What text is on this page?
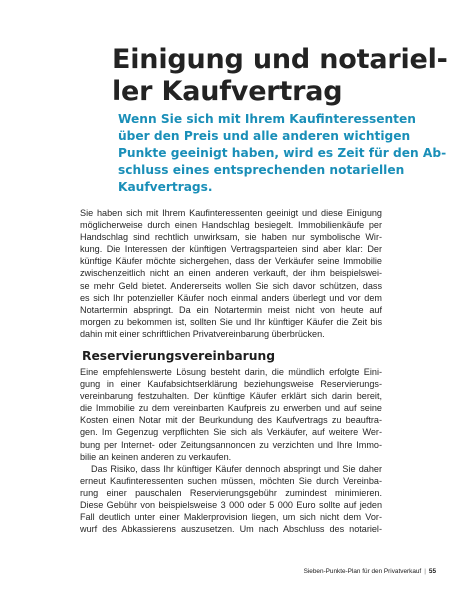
Einigung und notariel-
ler Kaufvertrag
Wenn Sie sich mit Ihrem Kaufinteressenten
über den Preis und alle anderen wichtigen
Punkte geeinigt haben, wird es Zeit für den Ab-
schluss eines entsprechenden notariellen
Kaufvertrags.
Sie haben sich mit Ihrem Kaufinteressenten geeinigt und diese Einigung
möglicherweise durch einen Handschlag besiegelt. Immobilienkäufe per
Handschlag sind rechtlich unwirksam, sie haben nur symbolische Wir-
kung. Die Interessen der künftigen Vertragsparteien sind aber klar: Der
künftige Käufer möchte sichergehen, dass der Verkäufer seine Immobilie
zwischenzeitlich nicht an einen anderen verkauft, der ihm beispielswei-
se mehr Geld bietet. Andererseits wollen Sie sich davor schützen, dass
es sich Ihr potenzieller Käufer noch einmal anders überlegt und vor dem
Notartermin abspringt. Da ein Notartermin meist nicht von heute auf
morgen zu bekommen ist, sollten Sie und Ihr künftiger Käufer die Zeit bis
dahin mit einer schriftlichen Privatvereinbarung überbrücken.
Reservierungsvereinbarung
Eine empfehlenswerte Lösung besteht darin, die mündlich erfolgte Eini-
gung in einer Kaufabsichtserklärung beziehungsweise Reservierungs-
vereinbarung festzuhalten. Der künftige Käufer erklärt sich darin bereit,
die Immobilie zu dem vereinbarten Kaufpreis zu erwerben und auf seine
Kosten einen Notar mit der Beurkundung des Kaufvertrags zu beauftra-
gen. Im Gegenzug verpflichten Sie sich als Verkäufer, auf weitere Wer-
bung per Internet- oder Zeitungsannoncen zu verzichten und Ihre Immo-
bilie an keinen anderen zu verkaufen.
Das Risiko, dass Ihr künftiger Käufer dennoch abspringt und Sie daher
erneut Kaufinteressenten suchen müssen, möchten Sie durch Vereinba-
rung einer pauschalen Reservierungsgebühr zumindest minimieren.
Diese Gebühr von beispielsweise 3 000 oder 5 000 Euro sollte auf jeden
Fall deutlich unter einer Maklerprovision liegen, um sich nicht dem Vor-
wurf des Abkassierens auszusetzen. Um nach Abschluss des notariel-
Sieben-Punkte-Plan für den Privatverkauf | 55
